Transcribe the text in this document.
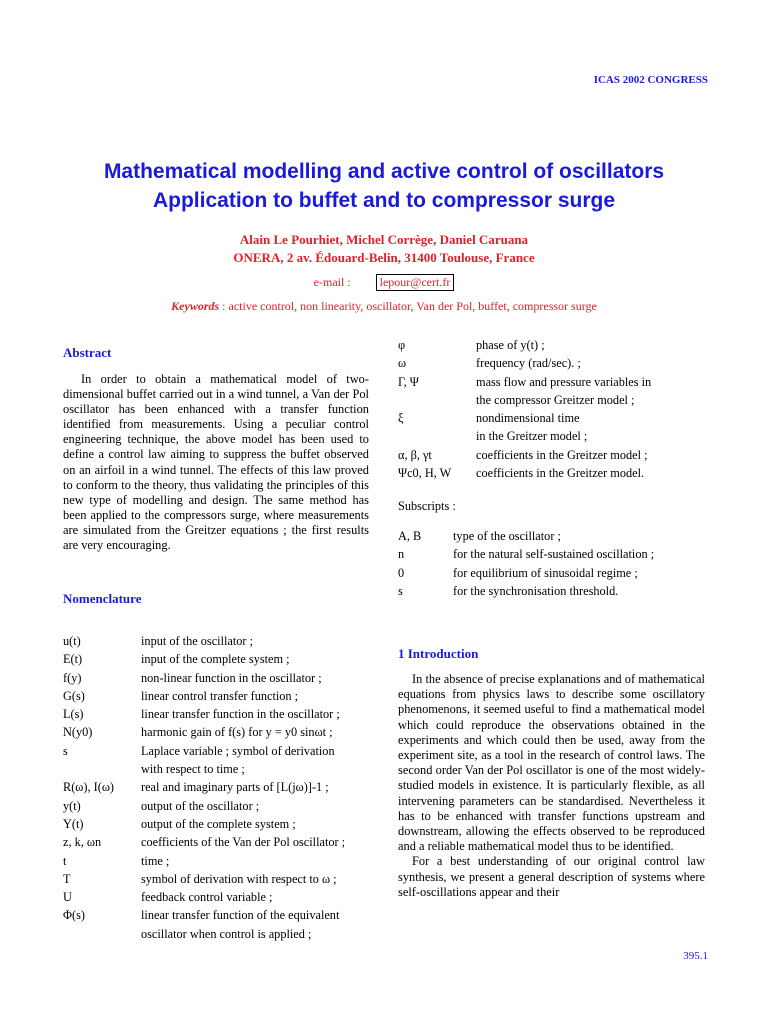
ICAS 2002 CONGRESS
Mathematical modelling and active control of oscillators
Application to buffet and to compressor surge
Alain Le Pourhiet, Michel Corrège, Daniel Caruana
ONERA, 2 av. Édouard-Belin, 31400 Toulouse, France
e-mail : lepour@cert.fr
Keywords : active control, non linearity, oscillator, Van der Pol, buffet, compressor surge
Abstract

In order to obtain a mathematical model of two-dimensional buffet carried out in a wind tunnel, a Van der Pol oscillator has been enhanced with a transfer function identified from measurements. Using a peculiar control engineering technique, the above model has been used to define a control law aiming to suppress the buffet observed on an airfoil in a wind tunnel. The effects of this law proved to conform to the theory, thus validating the principles of this new type of modelling and design. The same method has been applied to the compressors surge, where measurements are simulated from the Greitzer equations ; the first results are very encouraging.

Nomenclature
u(t)	input of the oscillator ;
E(t)	input of the complete system ;
f(y)	non-linear function in the oscillator ;
G(s)	linear control transfer function ;
L(s)	linear transfer function in the oscillator ;
N(y0)	harmonic gain of f(s) for y = y0 sinωt ;
s	Laplace variable ; symbol of derivation
with respect to time ;
R(ω), I(ω)	real and imaginary parts of [L(jω)]-1 ;
y(t)	output of the oscillator ;
Y(t)	output of the complete system ;
z, k, ωn	coefficients of the Van der Pol oscillator ;
t	time ;
T	symbol of derivation with respect to ω ;
U	feedback control variable ;
Φ(s)	linear transfer function of the equivalent
oscillator when control is applied ;
φ	phase of y(t) ;
ω	frequency (rad/sec). ;
Γ, Ψ	mass flow and pressure variables in
the compressor Greitzer model ;
ξ	nondimensional time
in the Greitzer model ;
α, β, γt	coefficients in the Greitzer model ;
Ψc0, H, W	coefficients in the Greitzer model.
Subscripts :
A, B	type of the oscillator ;
n	for the natural self-sustained oscillation ;
0	for equilibrium of sinusoidal regime ;
s	for the synchronisation threshold.
1 Introduction

In the absence of precise explanations and of mathematical equations from physics laws to describe some oscillatory phenomenons, it seemed useful to find a mathematical model which could reproduce the observations obtained in the experiments and which could then be used, away from the experiment site, as a tool in the research of control laws. The second order Van der Pol oscillator is one of the most widely-studied models in existence. It is particularly flexible, as all intervening parameters can be standardised. Nevertheless it has to be enhanced with transfer functions upstream and downstream, allowing the effects observed to be reproduced and a reliable mathematical model thus to be identified.

For a best understanding of our original control law synthesis, we present a general description of systems where self-oscillations appear and their

395.1
